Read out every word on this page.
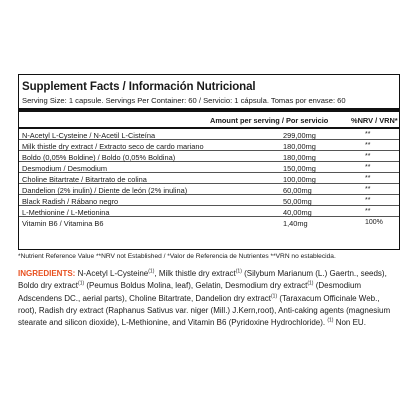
Supplement Facts / Información Nutricional
Serving Size: 1 capsule. Servings Per Container: 60 / Servicio: 1 cápsula. Tomas por envase: 60
Amount per serving / Por servicio	%NRV / VRN*
N-Acetyl L-Cysteine / N-Acetil L-Cisteína	299,00mg	**
Milk thistle dry extract / Extracto seco de cardo mariano	180,00mg	**
Boldo (0,05% Boldine) / Boldo (0,05% Boldina)	180,00mg	**
Desmodium / Desmodium	150,00mg	**
Choline Bitartrate / Bitartrato de colina	100,00mg	**
Dandelion (2% inulin) / Diente de león (2% inulina)	60,00mg	**
Black Radish / Rábano negro	50,00mg	**
L-Methionine / L-Metionina	40,00mg	**
Vitamin B6 / Vitamina B6	1,40mg	100%
*Nutrient Reference Value **NRV not Established / *Valor de Referencia de Nutrientes **VRN no establecida.
INGREDIENTS: N-Acetyl L-Cysteine$^{(1)}$, Milk thistle dry extract$^{(1)}$ (Silybum Marianum (L.) Gaertn., seeds), Boldo dry extract$^{(1)}$ (Peumus Boldus Molina, leaf), Gelatin, Desmodium dry extract$^{(1)}$ (Desmodium Adscendens DC., aerial parts), Choline Bitartrate, Dandelion dry extract$^{(1)}$ (Taraxacum Officinale Web., root), Radish dry extract (Raphanus Sativus var. niger (Mill.) J.Kern,root), Anti-caking agents (magnesium stearate and silicon dioxide), L-Methionine, and Vitamin B6 (Pyridoxine Hydrochloride). $^{(1)}$ Non EU.
